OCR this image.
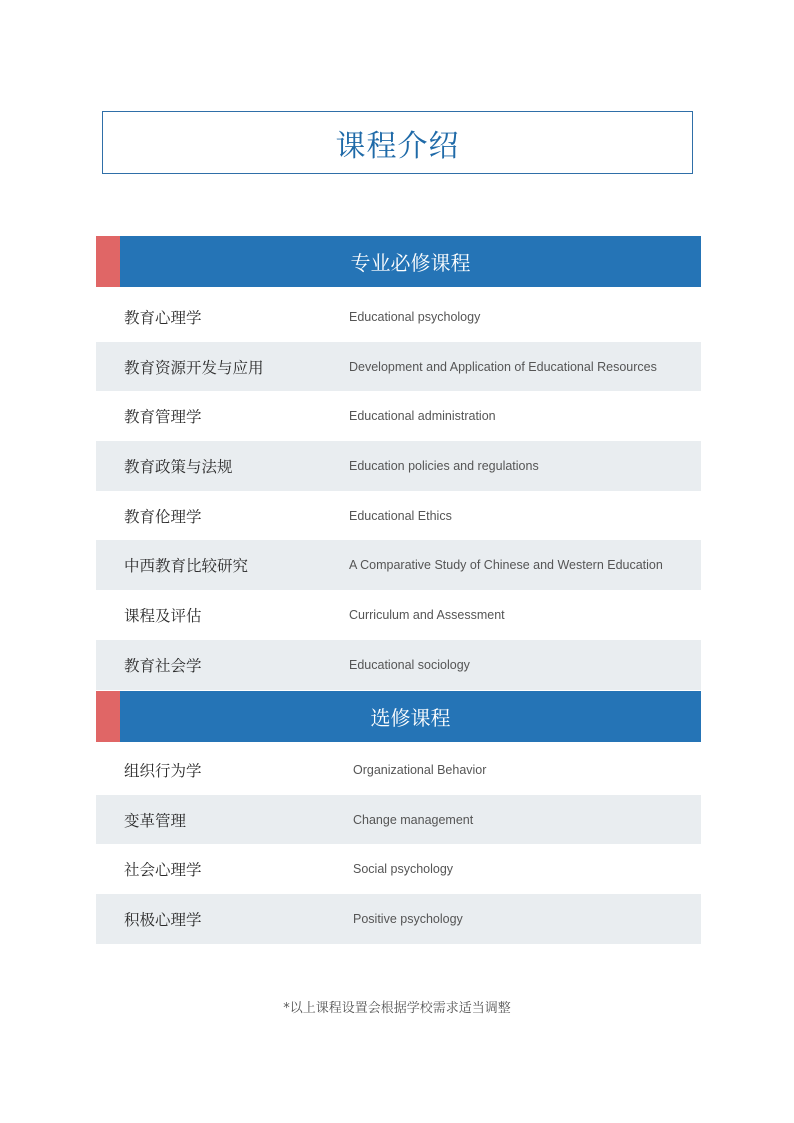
课程介绍
专业必修课程
教育心理学	Educational psychology
教育资源开发与应用	Development and Application of Educational Resources
教育管理学	Educational administration
教育政策与法规	Education policies and regulations
教育伦理学	Educational Ethics
中西教育比较研究	A Comparative Study of Chinese and Western Education
课程及评估	Curriculum and Assessment
教育社会学	Educational sociology
选修课程
组织行为学	Organizational Behavior
变革管理	Change management
社会心理学	Social psychology
积极心理学	Positive psychology
*以上课程设置会根据学校需求适当调整
